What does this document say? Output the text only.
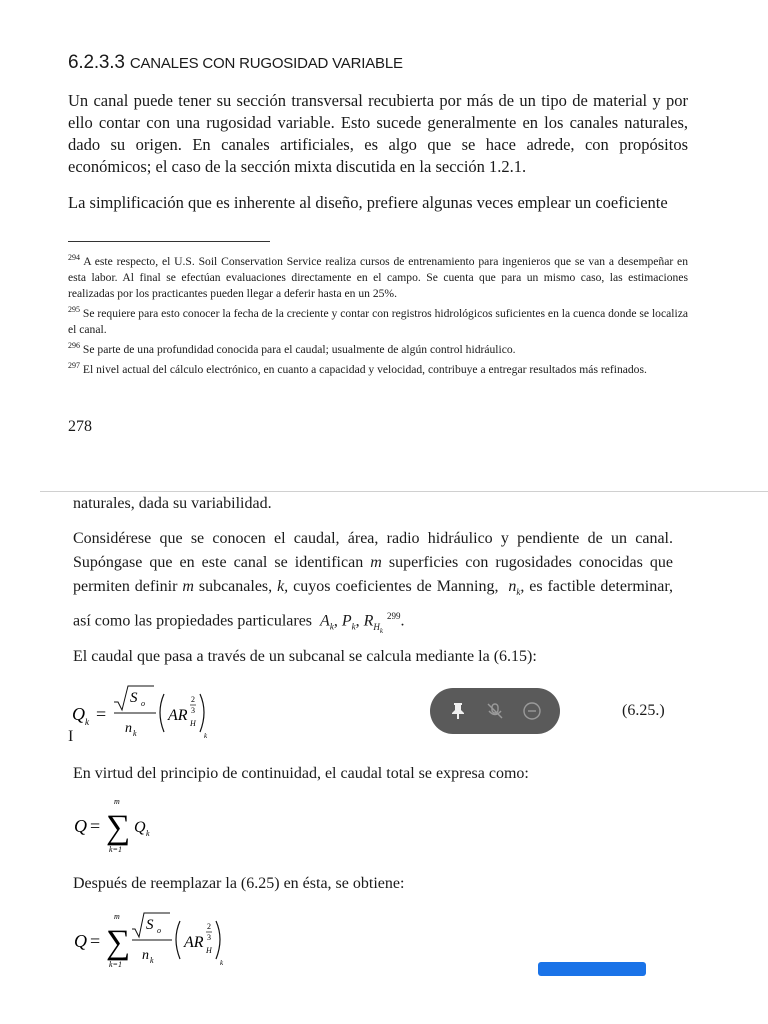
6.2.3.3 CANALES CON RUGOSIDAD VARIABLE
Un canal puede tener su sección transversal recubierta por más de un tipo de material y por ello contar con una rugosidad variable. Esto sucede generalmente en los canales naturales, dado su origen. En canales artificiales, es algo que se hace adrede, con propósitos económicos; el caso de la sección mixta discutida en la sección 1.2.1.
La simplificación que es inherente al diseño, prefiere algunas veces emplear un coeficiente
$^{294}$ A este respecto, el U.S. Soil Conservation Service realiza cursos de entrenamiento para ingenieros que se van a desempeñar en esta labor. Al final se efectúan evaluaciones directamente en el campo. Se cuenta que para un mismo caso, las estimaciones realizadas por los practicantes pueden llegar a deferir hasta en un 25%.
$^{295}$ Se requiere para esto conocer la fecha de la creciente y contar con registros hidrológicos suficientes en la cuenca donde se localiza el canal.
$^{296}$ Se parte de una profundidad conocida para el caudal; usualmente de algún control hidráulico.
$^{297}$ El nivel actual del cálculo electrónico, en cuanto a capacidad y velocidad, contribuye a entregar resultados más refinados.
278
naturales, dada su variabilidad.
Considérese que se conocen el caudal, área, radio hidráulico y pendiente de un canal. Supóngase que en este canal se identifican m superficies con rugosidades conocidas que permiten definir m subcanales, k, cuyos coeficientes de Manning, $n_k$, es factible determinar, así como las propiedades particulares $A_k$, $P_k$, $R_{H_k}$ $^{299}$.
El caudal que pasa a través de un subcanal se calcula mediante la (6.15):
Q k =
S o
n k
AR H
2
3
k
I
(6.25.)
En virtud del principio de continuidad, el caudal total se expresa como:
Q =
m
∑
k=1
Q k
Después de reemplazar la (6.25) en ésta, se obtiene:
Q =
m
∑
k=1
S o
n k
AR H
2
3
k
